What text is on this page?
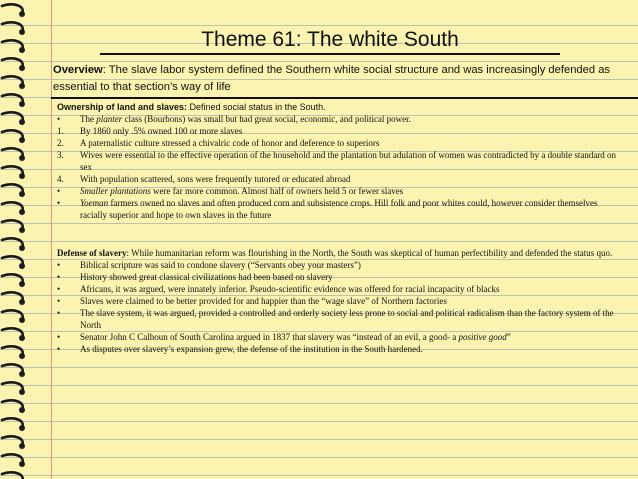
Theme 61: The white South
Overview: The slave labor system defined the Southern white social structure and was increasingly defended as essential to that section’s way of life
Ownership of land and slaves: Defined social status in the South.
•	The planter class (Bourbons) was small but had great social, economic, and political power.
1.	By 1860 only .5% owned 100 or more slaves
2.	A paternalistic culture stressed a chivalric code of honor and deference to superiors
3.	Wives were essential to the effective operation of the household and the plantation but adulation of women was contradicted by a double standard on sex
4.	With population scattered, sons were frequently tutored or educated abroad
•	Smaller plantations were far more common. Almost half of owners held 5 or fewer slaves
•	Yoeman farmers owned no slaves and often produced corn and subsistence crops. Hill folk and poor whites could, however consider themselves racially superior and hope to own slaves in the future
Defense of slavery: While humanitarian reform was flourishing in the North, the South was skeptical of human perfectibility and defended the status quo.
•	Biblical scripture was said to condone slavery (“Servants obey your masters”)
•	History showed great classical civilizations had been based on slavery
•	Africans, it was argued, were innately inferior. Pseudo-scientific evidence was offered for racial incapacity of blacks
•	Slaves were claimed to be better provided for and happier than the “wage slave” of Northern factories
•	The slave system, it was argued, provided a controlled and orderly society less prone to social and political radicalism than the factory system of the North
•	Senator John C Calhoun of South Carolina argued in 1837 that slavery was “instead of an evil, a good- a positive good”
•	As disputes over slavery’s expansion grew, the defense of the institution in the South hardened.
